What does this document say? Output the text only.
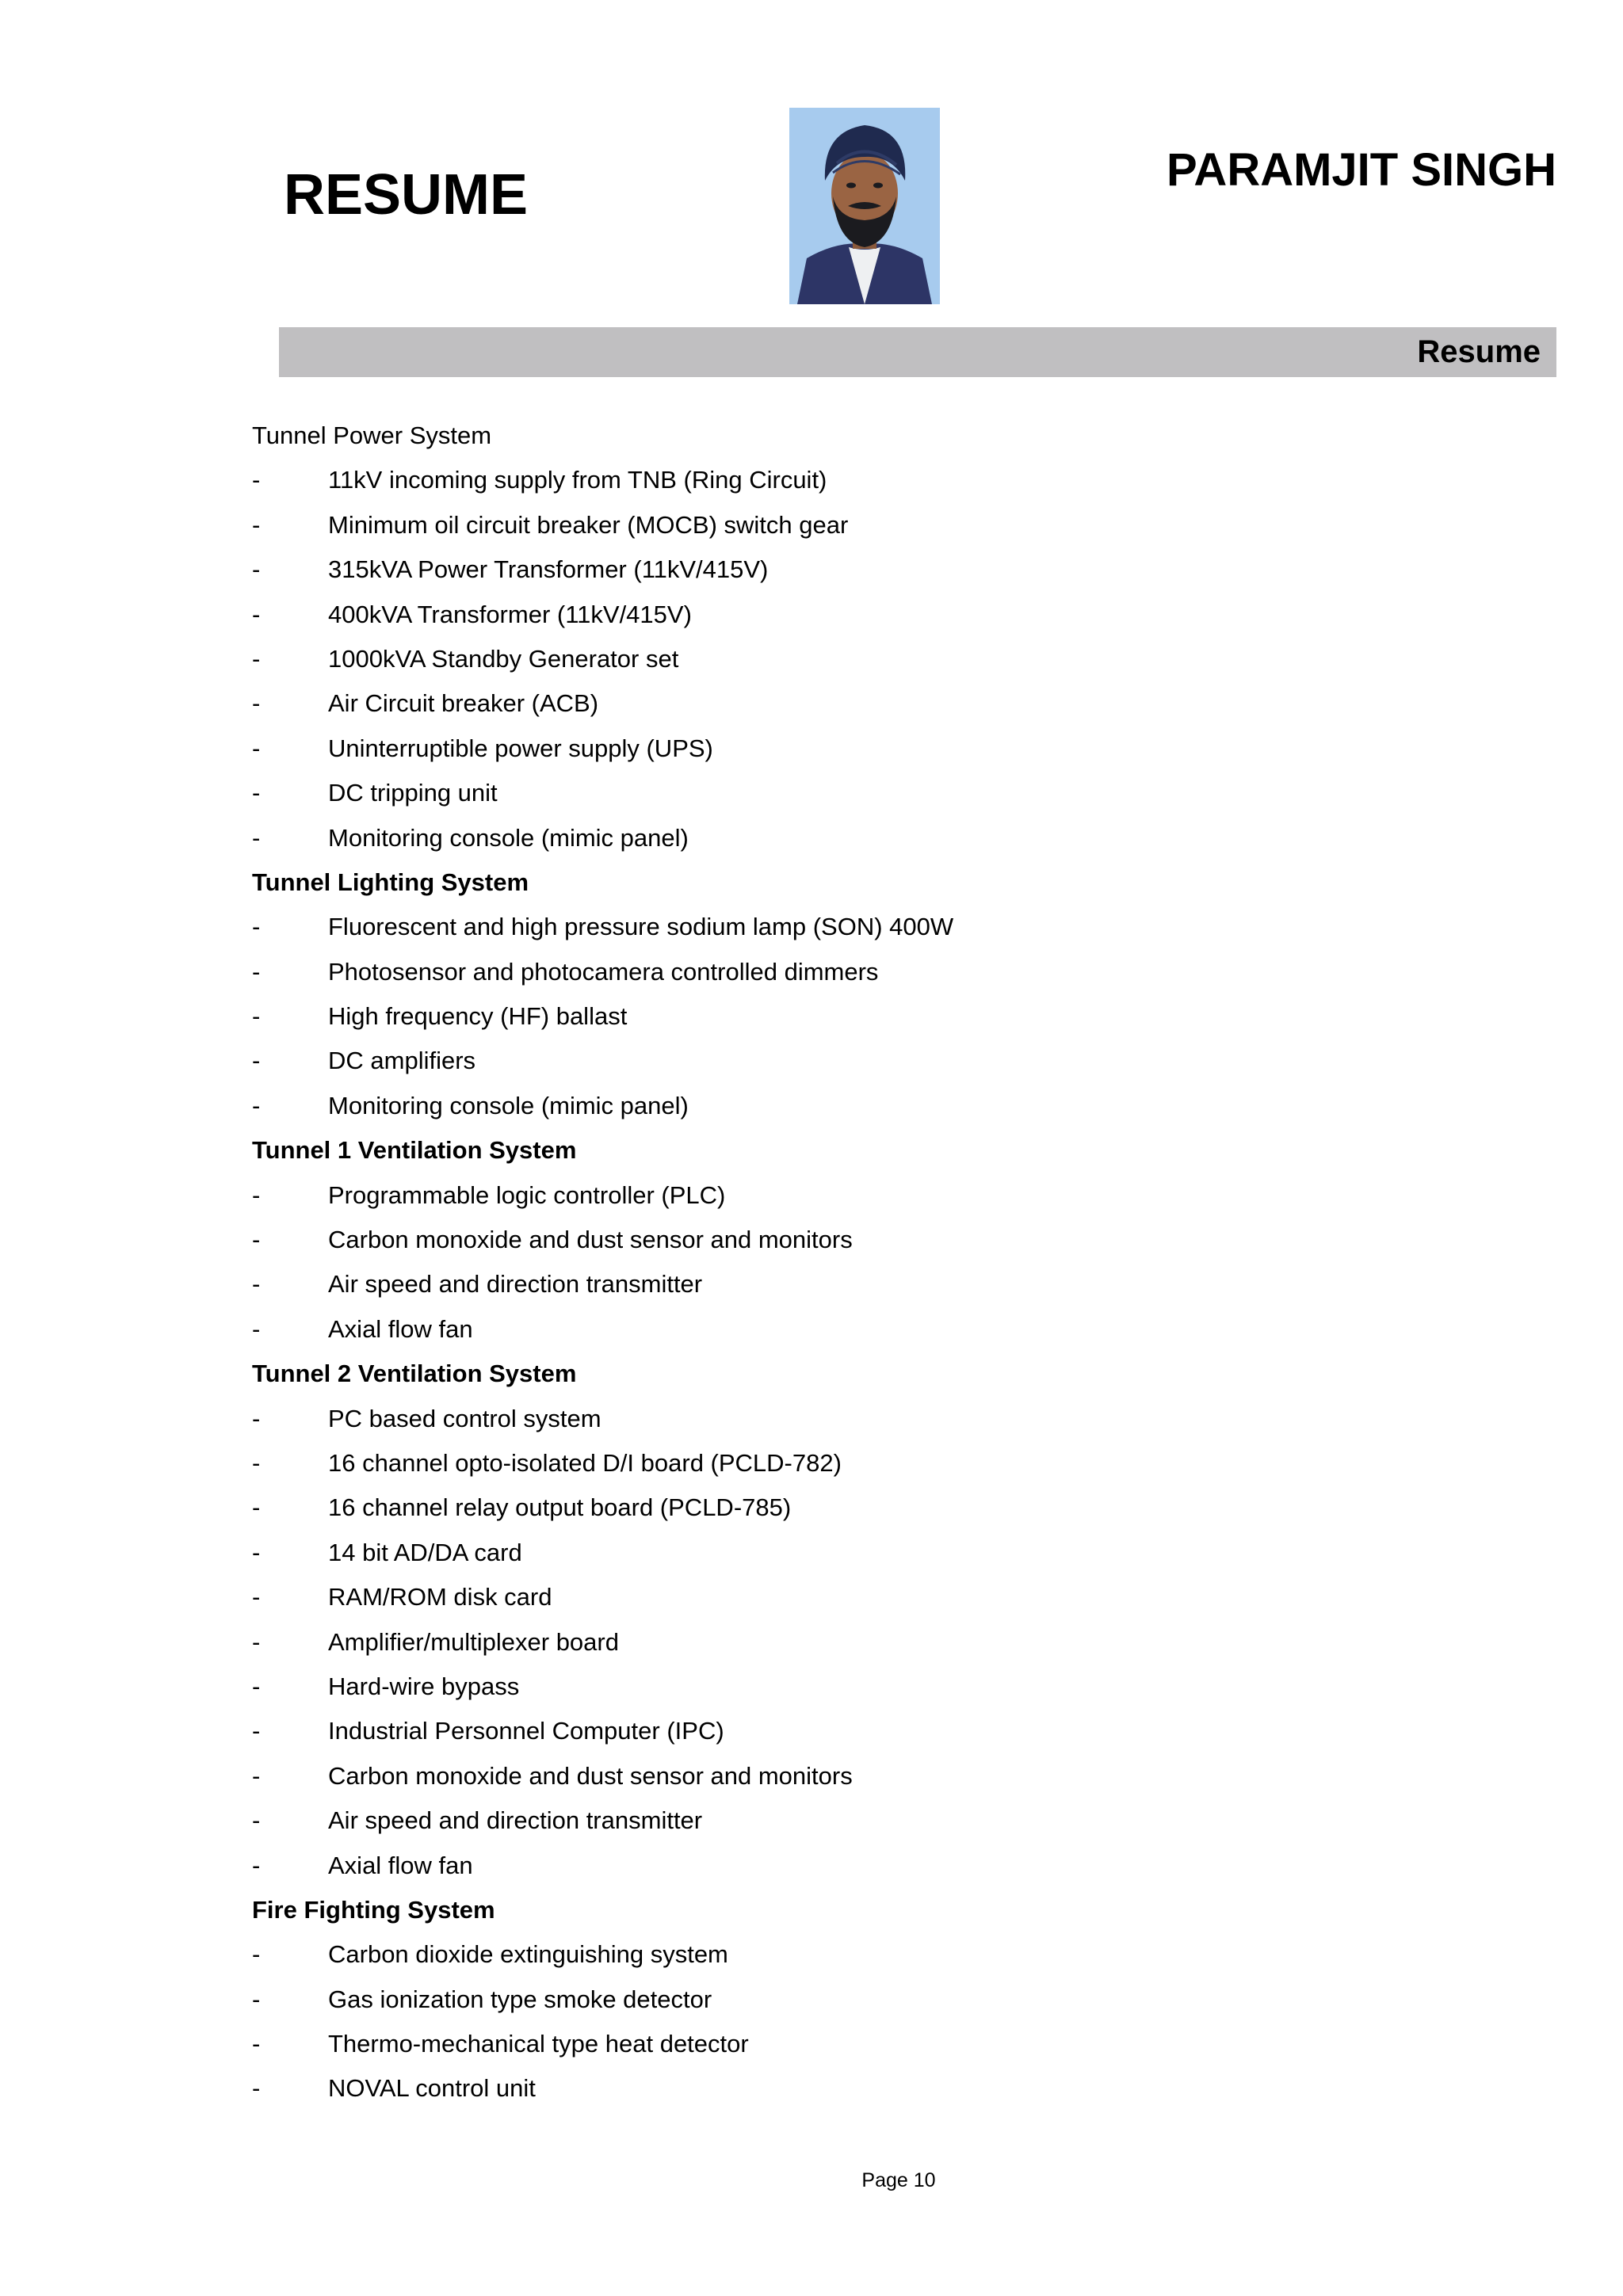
RESUME	PARAMJIT SINGH
Resume
Tunnel Power System
-	11kV incoming supply from TNB (Ring Circuit)
-	Minimum oil circuit breaker (MOCB) switch gear
-	315kVA Power Transformer (11kV/415V)
-	400kVA Transformer (11kV/415V)
-	1000kVA Standby Generator set
-	Air Circuit breaker (ACB)
-	Uninterruptible power supply (UPS)
-	DC tripping unit
-	Monitoring console (mimic panel)
Tunnel Lighting System
-	Fluorescent and high pressure sodium lamp (SON) 400W
-	Photosensor and photocamera controlled dimmers
-	High frequency (HF) ballast
-	DC amplifiers
-	Monitoring console (mimic panel)
Tunnel 1 Ventilation System
-	Programmable logic controller (PLC)
-	Carbon monoxide and dust sensor and monitors
-	Air speed and direction transmitter
-	Axial flow fan
Tunnel 2 Ventilation System
-	PC based control system
-	16 channel opto-isolated D/I board (PCLD-782)
-	16 channel relay output board (PCLD-785)
-	14 bit AD/DA card
-	RAM/ROM disk card
-	Amplifier/multiplexer board
-	Hard-wire bypass
-	Industrial Personnel Computer (IPC)
-	Carbon monoxide and dust sensor and monitors
-	Air speed and direction transmitter
-	Axial flow fan
Fire Fighting System
-	Carbon dioxide extinguishing system
-	Gas ionization type smoke detector
-	Thermo-mechanical type heat detector
-	NOVAL control unit
Page 10
